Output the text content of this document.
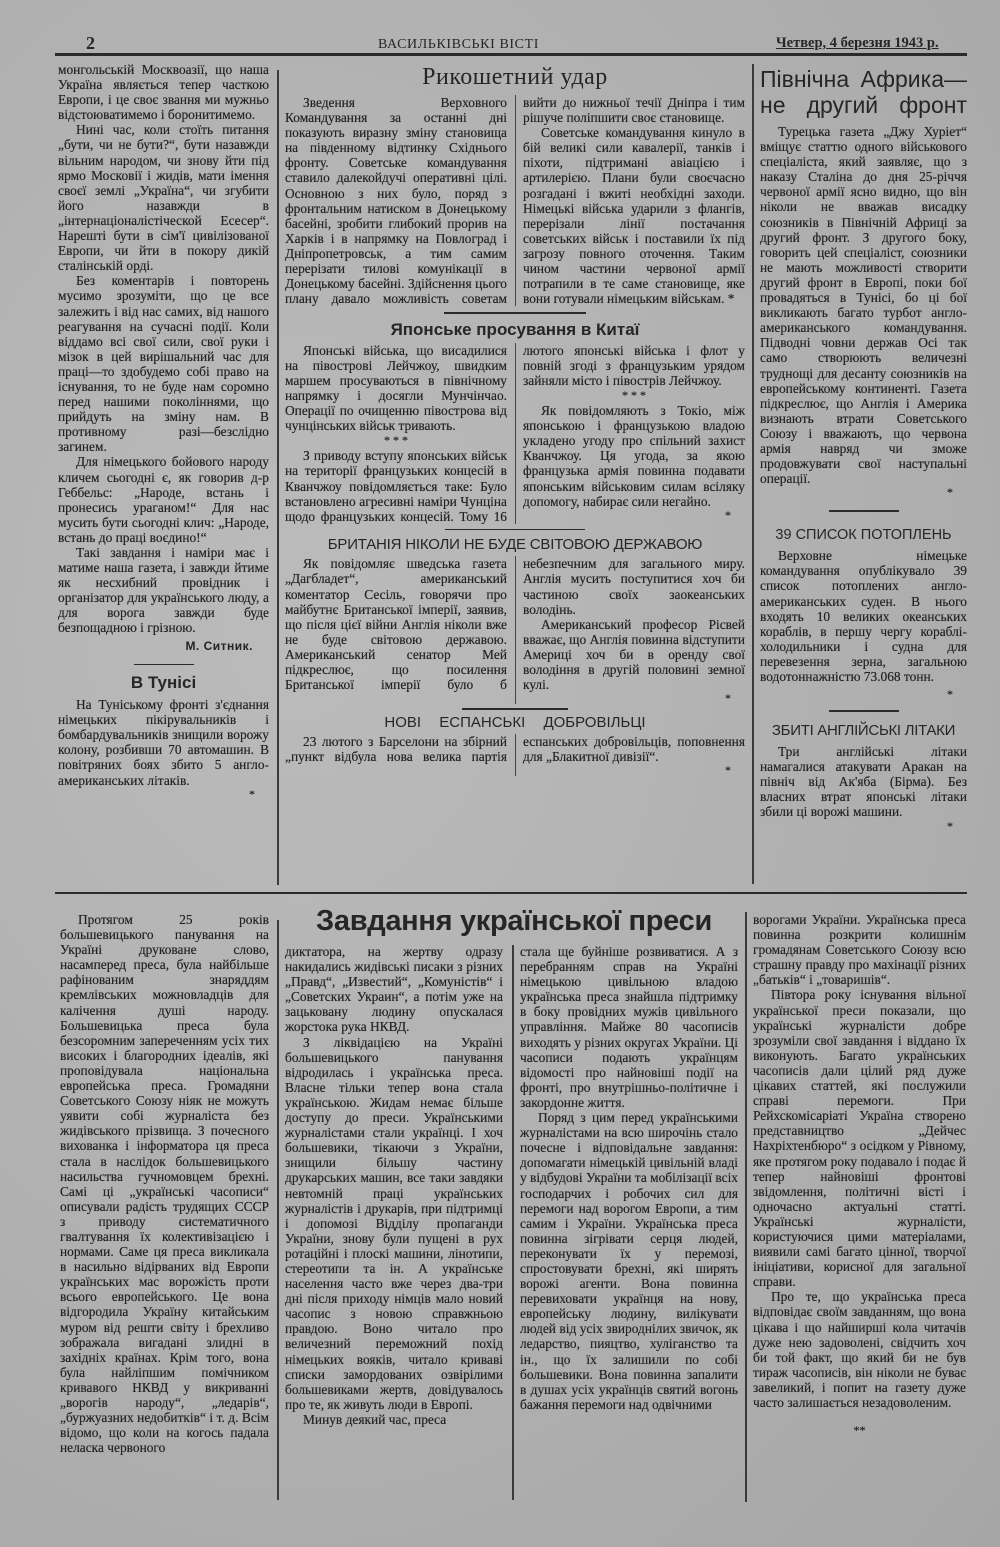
2	ВАСИЛЬКІВСЬКІ ВІСТІ	Четвер, 4 березня 1943 р.

монгольській Москвоазії, що наша Україна являється тепер часткою Европи, і це своє звання ми мужньо відстоюватимемо і боронитимемо.

Нині час, коли стоїть питання „бути, чи не бути?“, бути назавжди вільним народом, чи знову йти під ярмо Московії і жидів, мати імення своєї землі „Україна“, чи згубити його назавжди в „інтернаціоналістіческой Есесер“. Нарешті бути в сім'ї цивілізованої Европи, чи йти в покору дикій сталінській орді.

Без коментарів і повторень мусимо зрозуміти, що це все залежить і від нас самих, від нашого реагування на сучасні події. Коли віддамо всі свої сили, свої руки і мізок в цей вирішальний час для праці—то здобудемо собі право на існування, то не буде нам соромно перед нашими поколіннями, що прийдуть на зміну нам. В противному разі—безслідно загинем.

Для німецького бойового народу кличем сьогодні є, як говорив д-р Геббельс: „Народе, встань і пронесись ураганом!“ Для нас мусить бути сьогодні клич: „Народе, встань до праці воєдино!“

Такі завдання і наміри має і матиме наша газета, і завжди йтиме як несхибний провідник і організатор для українського люду, а для ворога завжди буде безпощадною і грізною.

М. Ситник.
В Тунісі

На Туніському фронті з'єднання німецьких пікірувальників і бомбардувальників знищили ворожу колону, розбивши 70 автомашин. В повітряних боях збито 5 англо-американських літаків.

*
Рикошетний удар

Зведення Верховного Командування за останні дні показують виразну зміну становища на південному відтинку Східнього фронту. Советське командування ставило далекойдучі оперативні цілі. Основною з них було, поряд з фронтальним натиском в Донецькому басейні, зробити глибокий прорив на Харків і в напрямку на Повлоград і Дніпропетровськ, а тим самим перерізати тилові комунікації в Донецькому басейні. Здійснення цього плану давало можливість советам вийти до нижньої течії Дніпра і тим рішуче поліпшити своє становище.

Советське командування кинуло в бій великі сили кавалерії, танків і піхоти, підтримані авіацією і артилерією. Плани були своєчасно розгадані і вжиті необхідні заходи. Німецькі війська ударили з флангів, перерізали лінії постачання советських військ і поставили їх під загрозу повного оточення. Таким чином частини червоної армії потрапили в те саме становище, яке вони готували німецьким військам. *

Японське просування в Китаї

Японські війська, що висадилися на півострові Лейчжоу, швидким маршем просуваються в північному напрямку і досягли Мунчінчао. Операції по очищенню півострова від чунцінських військ тривають.

* * *

З приводу вступу японських військ на території французьких концесій в Кванчжоу повідомляється таке: Було встановлено агресивні наміри Чунціна щодо французьких концесій. Тому 16 лютого японські війська і флот у повній згоді з французьким урядом зайняли місто і півострів Лейчжоу.

* * *

Як повідомляють з Токіо, між японською і французькою владою укладено угоду про спільний захист Кванчжоу. Ця угода, за якою французька армія повинна подавати японським військовим силам всіляку допомогу, набирає сили негайно.

*
БРИТАНІЯ НІКОЛИ НЕ БУДЕ СВІТОВОЮ ДЕРЖАВОЮ

Як повідомляє шведська газета „Дагбладет“, американський коментатор Сесіль, говорячи про майбутнє Британської імперії, заявив, що після цієї війни Англія ніколи вже не буде світовою державою. Американський сенатор Мей підкреслює, що посилення Британської імперії було б небезпечним для загального миру. Англія мусить поступитися хоч би частиною своїх заокеанських володінь.

Американський професор Рісвей вважає, що Англія повинна відступити Америці хоч би в оренду свої володіння в другій половині земної кулі.

*
НОВІ ЕСПАНСЬКІ ДОБРОВІЛЬЦІ

23 лютого з Барселони на збірний „пункт відбула нова велика партія еспанських добровільців, поповнення для „Блакитної дивізії“.

*
Північна Африка— не другий фронт

Турецька газета „Джу Хуріет“ вміщує статтю одного військового спеціаліста, який заявляє, що з наказу Сталіна до дня 25-річчя червоної армії ясно видно, що він ніколи не вважав висадку союзників в Північній Африці за другий фронт. З другого боку, говорить цей спеціаліст, союзники не мають можливості створити другий фронт в Европі, поки бої провадяться в Тунісі, бо ці бої викликають багато турбот англо-американського командування. Підводні човни держав Осі так само створюють величезні труднощі для десанту союзників на европейському континенті. Газета підкреслює, що Англія і Америка визнають втрати Советського Союзу і вважають, що червона армія навряд чи зможе продовжувати свої наступальні операції.

*
39 СПИСОК ПОТОПЛЕНЬ

Верховне німецьке командування опублікувало 39 список потоплених англо-американських суден. В нього входять 10 великих океанських кораблів, в першу чергу кораблі-холодильники і судна для перевезення зерна, загальною водотоннажністю 73.068 тонн.

*
ЗБИТІ АНГЛІЙСЬКІ ЛІТАКИ

Три англійські літаки намагалися атакувати Аракан на північ від Ак'яба (Бірма). Без власних втрат японські літаки збили ці ворожі машини.

*
Завдання української преси

Протягом 25 років большевицького панування на Україні друковане слово, насамперед преса, була найбільше рафінованим знаряддям кремлівських можновладців для калічення душі народу. Большевицька преса була безсоромним запереченням усіх тих високих і благородних ідеалів, які проповідувала національна европейська преса. Громадяни Советського Союзу ніяк не можуть уявити собі журналіста без жидівського прізвища. З почесного вихованка і інформатора ця преса стала в наслідок большевицького насильства гучномовцем брехні. Самі ці „українські часописи“ описували радість трудящих СССР з приводу систематичного гвалтування їх колективізацією і нормами. Саме ця преса викликала в насильно відірваних від Европи українських мас ворожість проти всього европейського. Це вона відгородила Україну китайським муром від решти світу і брехливо зображала вигадані злидні в західніх країнах. Крім того, вона була найліпшим помічником кривавого НКВД у викриванні „ворогів народу“, „ледарів“, „буржуазних недобитків“ і т. д. Всім відомо, що коли на когось падала неласка червоного

диктатора, на жертву одразу накидались жидівські писаки з різних „Правд“, „Известий“, „Комуністів“ і „Советских Украин“, а потім уже на зацьковану людину опускалася жорстока рука НКВД.

З ліквідацією на Україні большевицького панування відродилась і українська преса. Власне тільки тепер вона стала українською. Жидам немає більше доступу до преси. Українськими журналістами стали українці. І хоч большевики, тікаючи з України, знищили більшу частину друкарських машин, все таки завдяки невтомній праці українських журналістів і друкарів, при підтримці і допомозі Відділу пропаганди України, знову були пущені в рух ротаційні і плоскі машини, лінотипи, стереотипи та ін. А українське населення часто вже через два-три дні після приходу німців мало новий часопис з новою справжньою правдою. Воно читало про величезний переможний похід німецьких вояків, читало криваві списки замордованих озвірілими большевиками жертв, довідувалось про те, як живуть люди в Европі.

Минув деякий час, преса

стала ще буйніше розвиватися. А з перебранням справ на Україні німецькою цивільною владою українська преса знайшла підтримку в боку провідних мужів цивільного управління. Майже 80 часописів виходять у різних округах України. Ці часописи подають українцям відомості про найновіші події на фронті, про внутрішньо-політичне і закордонне життя.

Поряд з цим перед українськими журналістами на всю широчінь стало почесне і відповідальне завдання: допомагати німецькій цивільній владі у відбудові України та мобілізації всіх господарчих і робочих сил для перемоги над ворогом Европи, а тим самим і України. Українська преса повинна зігрівати серця людей, переконувати їх у перемозі, спростовувати брехні, які ширять ворожі агенти. Вона повинна перевиховати українця на нову, европейську людину, вилікувати людей від усіх звироднілих звичок, як ледарство, пияцтво, хуліганство та ін., що їх залишили по собі большевики. Вона повинна запалити в душах усіх українців святий вогонь бажання перемоги над одвічними

ворогами України. Українська преса повинна розкрити колишнім громадянам Советського Союзу всю страшну правду про махінації різних „батьків“ і „товаришів“.

Півтора року існування вільної української преси показали, що українські журналісти добре зрозуміли свої завдання і віддано їх виконують. Багато українських часописів дали цілий ряд дуже цікавих статтей, які послужили справі перемоги. При Рейхскомісаріаті Україна створено представництво „Дейчес Нахріхтенбюро“ з осідком у Рівному, яке протягом року подавало і подає й тепер найновіші фронтові звідомлення, політичні вісті і одночасно актуальні статті. Українські журналісти, користуючися цими матеріалами, виявили самі багато цінної, творчої ініціативи, корисної для загальної справи.

Про те, що українська преса відповідає своїм завданням, що вона цікава і що найширші кола читачів дуже нею задоволені, свідчить хоч би той факт, що який би не був тираж часописів, він ніколи не буває завеликий, і попит на газету дуже часто залишається незадоволеним.

**
